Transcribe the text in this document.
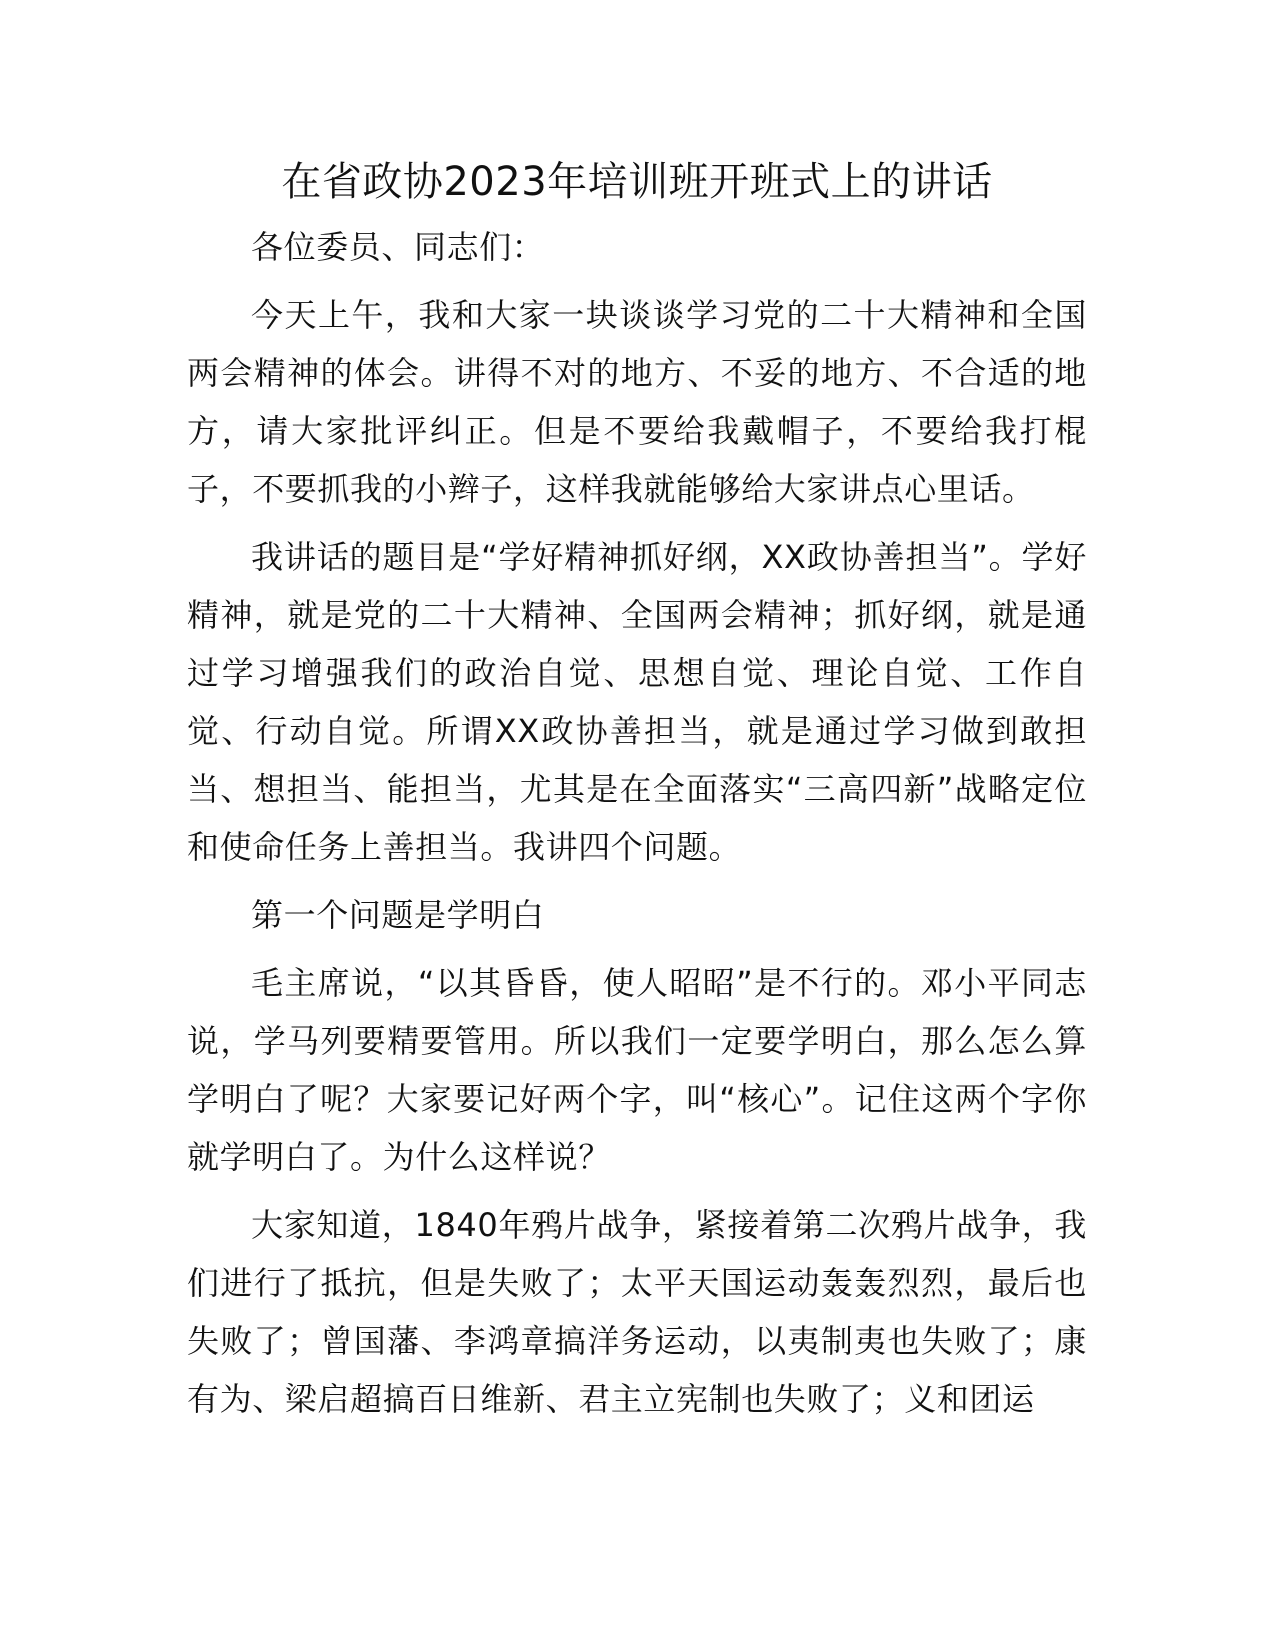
在省政协2023年培训班开班式上的讲话

各位委员、同志们：

今天上午，我和大家一块谈谈学习党的二十大精神和全国两会精神的体会。讲得不对的地方、不妥的地方、不合适的地方，请大家批评纠正。但是不要给我戴帽子，不要给我打棍子，不要抓我的小辫子，这样我就能够给大家讲点心里话。

我讲话的题目是“学好精神抓好纲，XX政协善担当”。学好精神，就是党的二十大精神、全国两会精神；抓好纲，就是通过学习增强我们的政治自觉、思想自觉、理论自觉、工作自觉、行动自觉。所谓XX政协善担当，就是通过学习做到敢担当、想担当、能担当，尤其是在全面落实“三高四新”战略定位和使命任务上善担当。我讲四个问题。

第一个问题是学明白

毛主席说，“以其昏昏，使人昭昭”是不行的。邓小平同志说，学马列要精要管用。所以我们一定要学明白，那么怎么算学明白了呢？大家要记好两个字，叫“核心”。记住这两个字你就学明白了。为什么这样说？

大家知道，1840年鸦片战争，紧接着第二次鸦片战争，我们进行了抵抗，但是失败了；太平天国运动轰轰烈烈，最后也失败了；曾国藩、李鸿章搞洋务运动，以夷制夷也失败了；康有为、梁启超搞百日维新、君主立宪制也失败了；义和团运
